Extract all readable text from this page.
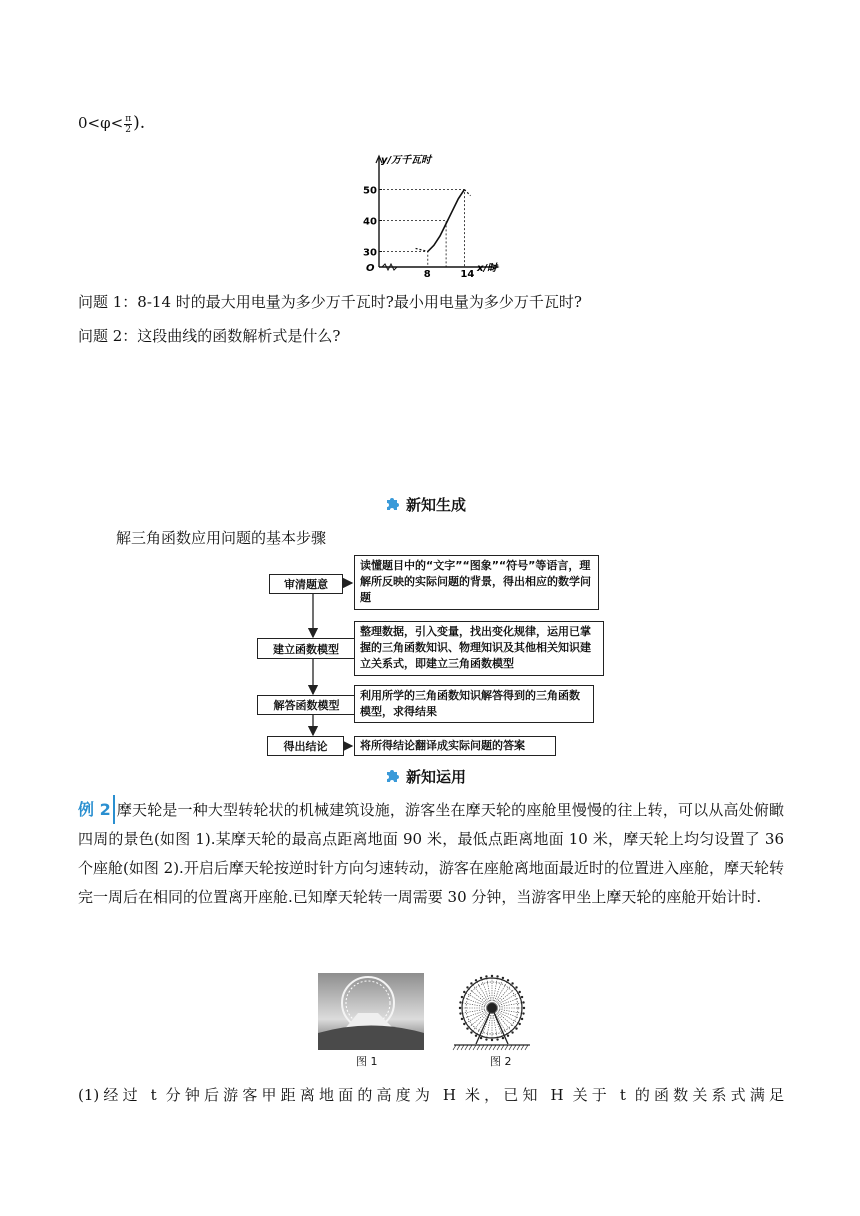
$0<\varphi< \frac{\pi}{2}$ ).
50
40
30
8	14
y/万千瓦时
x/时
O
问题 1：8-14 时的最大用电量为多少万千瓦时?最小用电量为多少万千瓦时?
问题 2：这段曲线的函数解析式是什么?
新知生成
解三角函数应用问题的基本步骤
审清题意
读懂题目中的“文字”“图象”“符号”等语言，理解所反映的实际问题的背景，得出相应的数学问题
建立函数模型
整理数据，引入变量，找出变化规律，运用已掌握的三角函数知识、物理知识及其他相关知识建立关系式，即建立三角函数模型
解答函数模型
利用所学的三角函数知识解答得到的三角函数模型，求得结果
得出结论	将所得结论翻译成实际问题的答案
新知运用
例 2 摩天轮是一种大型转轮状的机械建筑设施，游客坐在摩天轮的座舱里慢慢的往上转，可以从高处俯瞰四周的景色(如图 1).某摩天轮的最高点距离地面 90 米，最低点距离地面 10 米，摩天轮上均匀设置了 36 个座舱(如图 2).开启后摩天轮按逆时针方向匀速转动，游客在座舱离地面最近时的位置进入座舱，摩天轮转完一周后在相同的位置离开座舱.已知摩天轮转一周需要 30 分钟，当游客甲坐上摩天轮的座舱开始计时.
图 1	图 2
(1)经过 t 分钟后游客甲距离地面的高度为 H 米，已知 H 关于 t 的函数关系式满足
